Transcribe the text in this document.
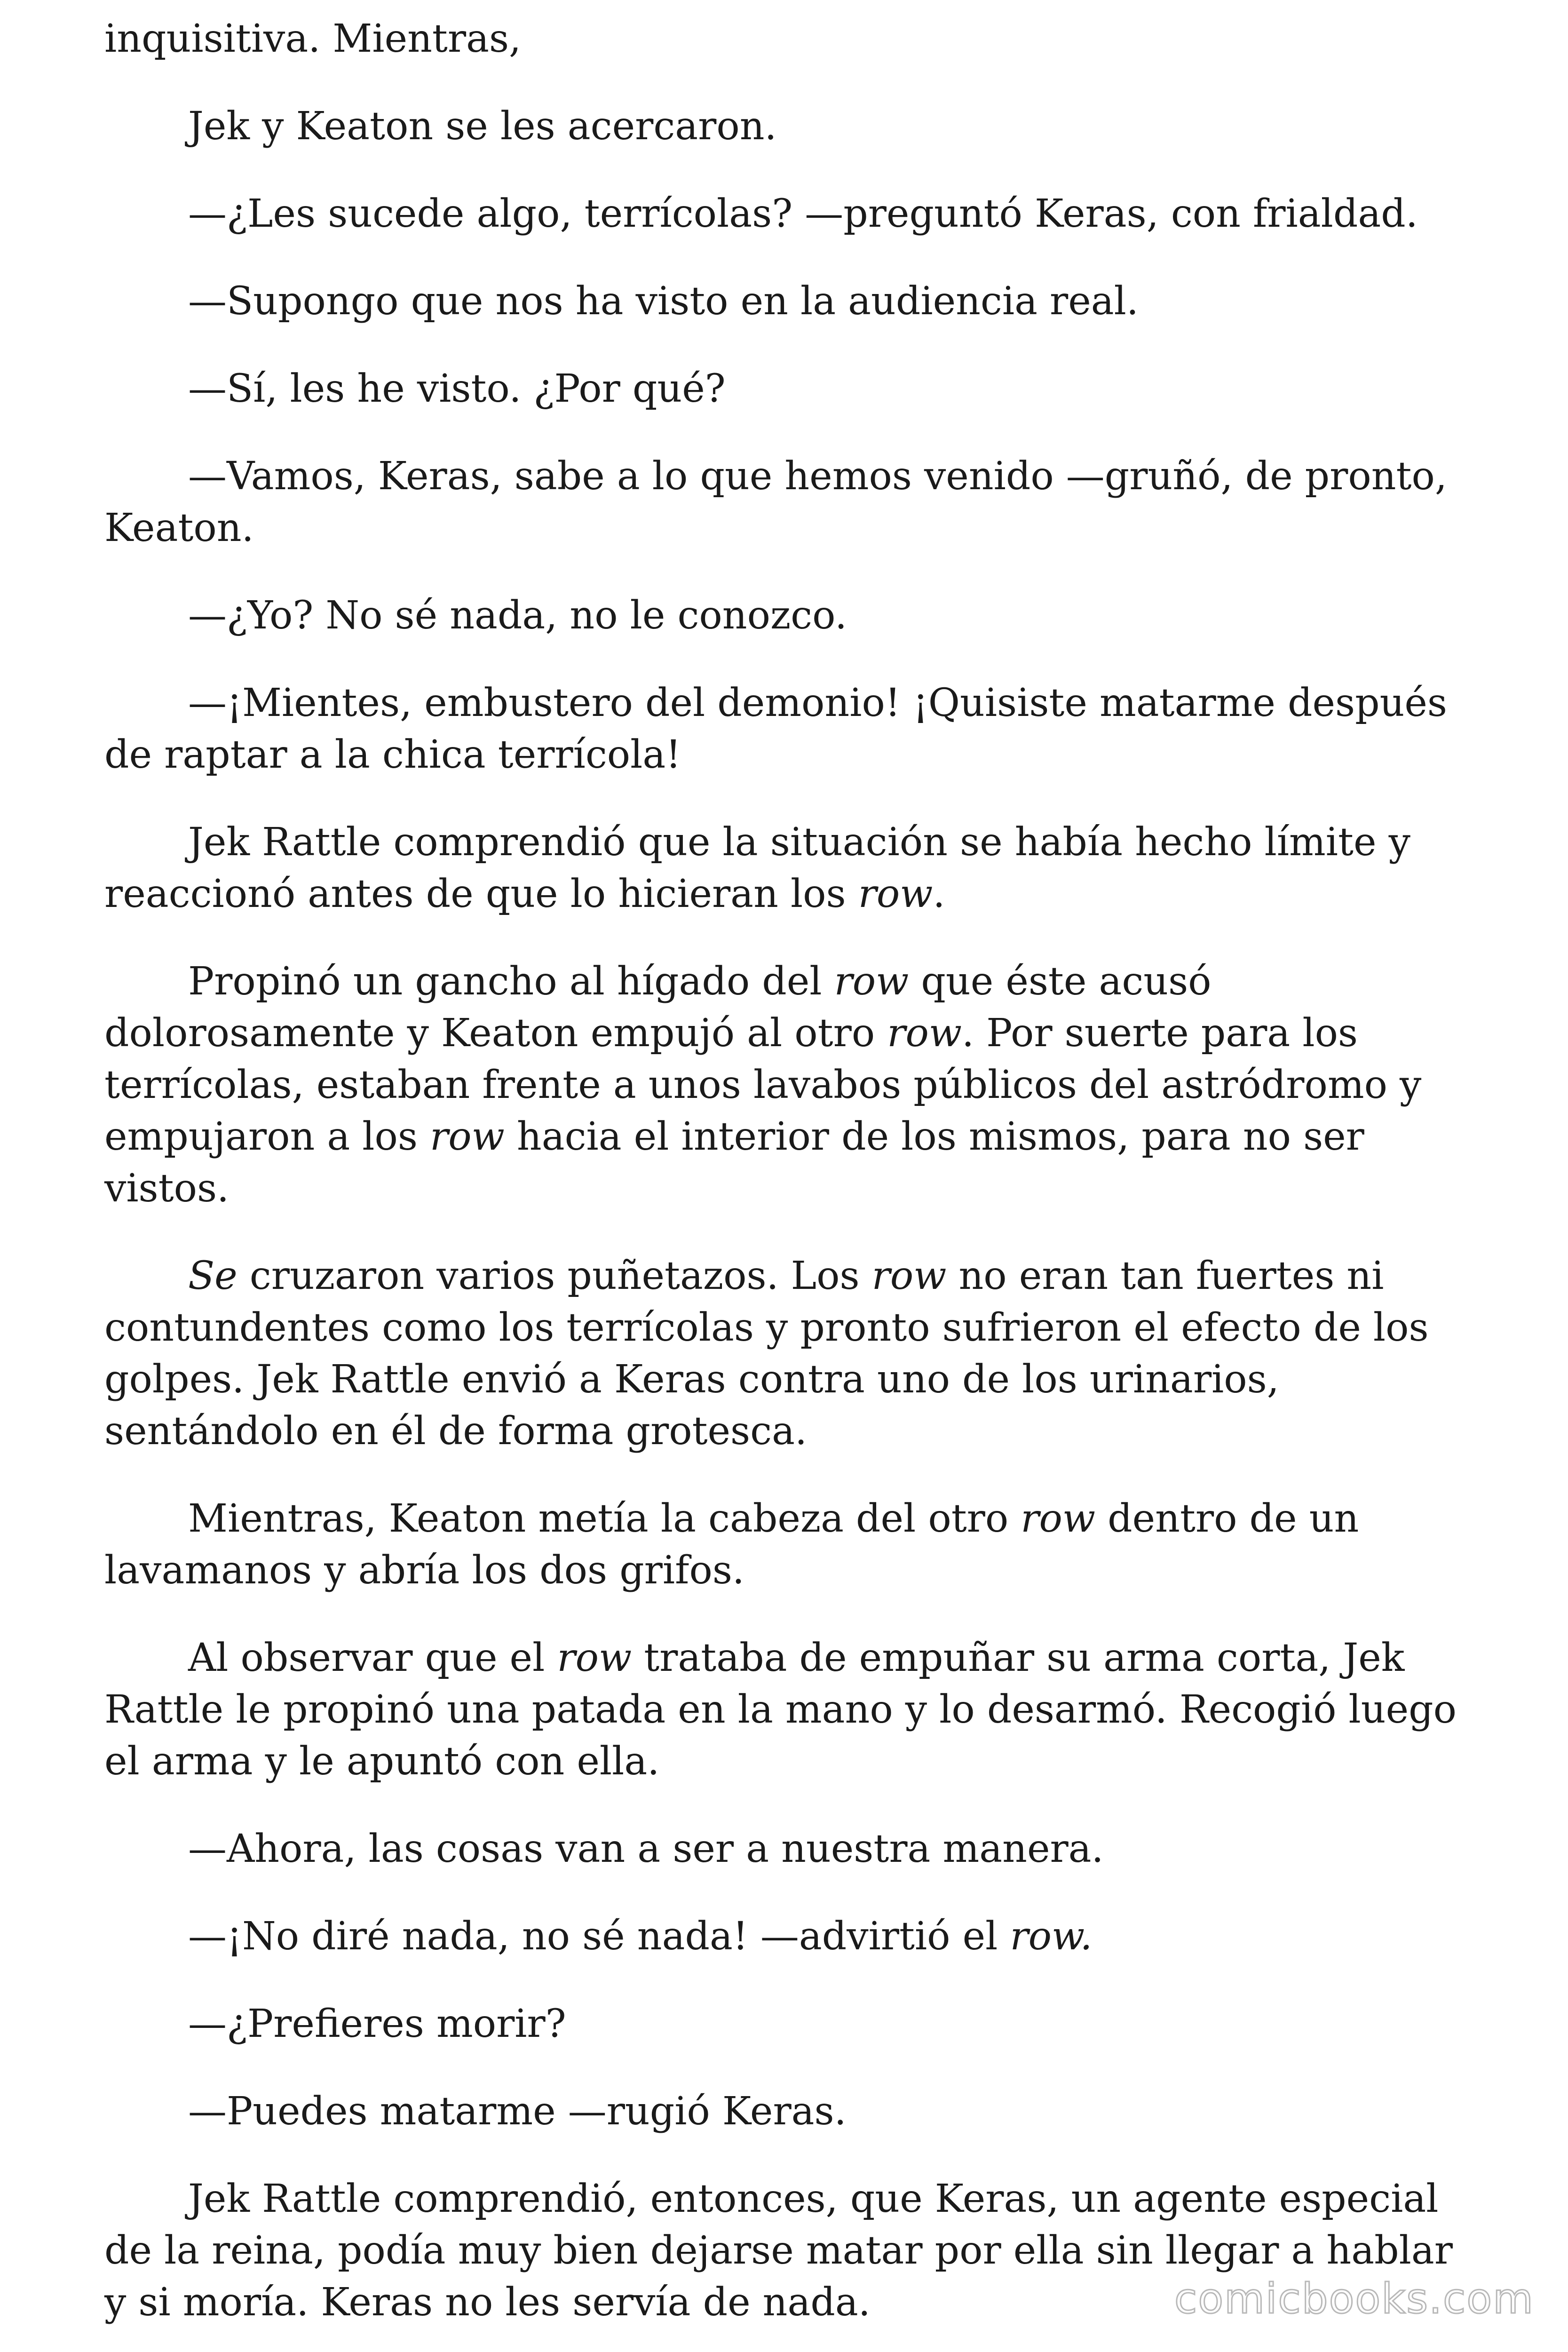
inquisitiva. Mientras,

Jek y Keaton se les acercaron.

—¿Les sucede algo, terrícolas? —preguntó Keras, con frialdad.

—Supongo que nos ha visto en la audiencia real.

—Sí, les he visto. ¿Por qué?

—Vamos, Keras, sabe a lo que hemos venido —gruñó, de pronto, Keaton.

—¿Yo? No sé nada, no le conozco.

—¡Mientes, embustero del demonio! ¡Quisiste matarme después de raptar a la chica terrícola!

Jek Rattle comprendió que la situación se había hecho límite y reaccionó antes de que lo hicieran los row.

Propinó un gancho al hígado del row que éste acusó dolorosamente y Keaton empujó al otro row. Por suerte para los terrícolas, estaban frente a unos lavabos públicos del astródromo y empujaron a los row hacia el interior de los mismos, para no ser vistos.

Se cruzaron varios puñetazos. Los row no eran tan fuertes ni contundentes como los terrícolas y pronto sufrieron el efecto de los golpes. Jek Rattle envió a Keras contra uno de los urinarios, sentándolo en él de forma grotesca.

Mientras, Keaton metía la cabeza del otro row dentro de un lavamanos y abría los dos grifos.

Al observar que el row trataba de empuñar su arma corta, Jek Rattle le propinó una patada en la mano y lo desarmó. Recogió luego el arma y le apuntó con ella.

—Ahora, las cosas van a ser a nuestra manera.

—¡No diré nada, no sé nada! —advirtió el row.

—¿Prefieres morir?

—Puedes matarme —rugió Keras.

Jek Rattle comprendió, entonces, que Keras, un agente especial de la reina, podía muy bien dejarse matar por ella sin llegar a hablar y si moría. Keras no les servía de nada.	comicbooks.com
